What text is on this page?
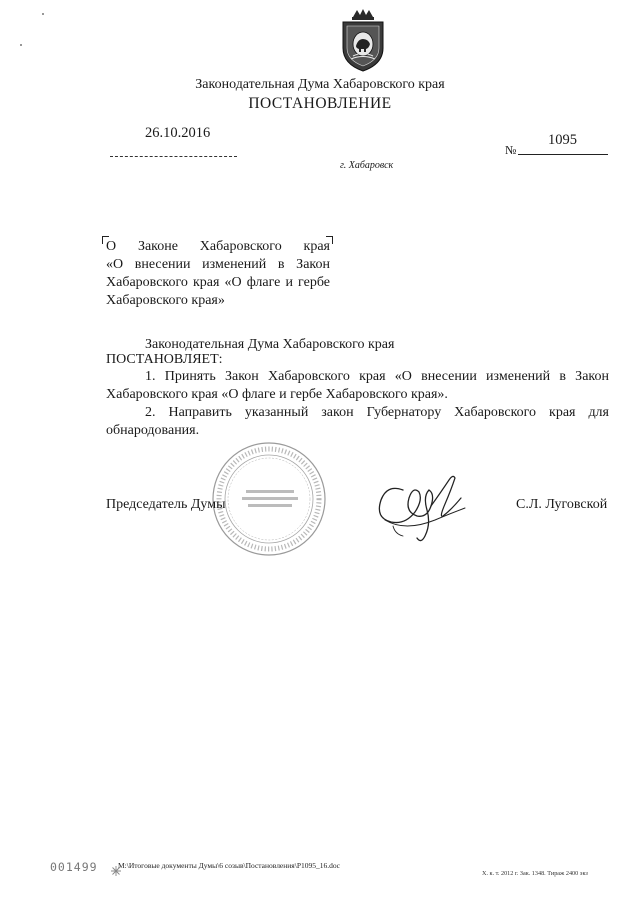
Законодательная Дума Хабаровского края
ПОСТАНОВЛЕНИЕ
26.10.2016	1095
№
г. Хабаровск
О Законе Хабаровского края
«О внесении изменений в Закон
Хабаровского края «О флаге и гербе
Хабаровского края»
Законодательная Дума Хабаровского края
ПОСТАНОВЛЯЕТ:
1. Принять Закон Хабаровского края «О внесении изменений в Закон
Хабаровского края «О флаге и гербе Хабаровского края».
2. Направить указанный закон Губернатору Хабаровского края для
обнародования.
Председатель Думы	С.Л. Луговской
001499	М:\Итоговые документы Думы\6 созыв\Постановления\Р1095_16.doc
Х. к. т. 2012 г. Зак. 1348. Тираж 2400 экз
